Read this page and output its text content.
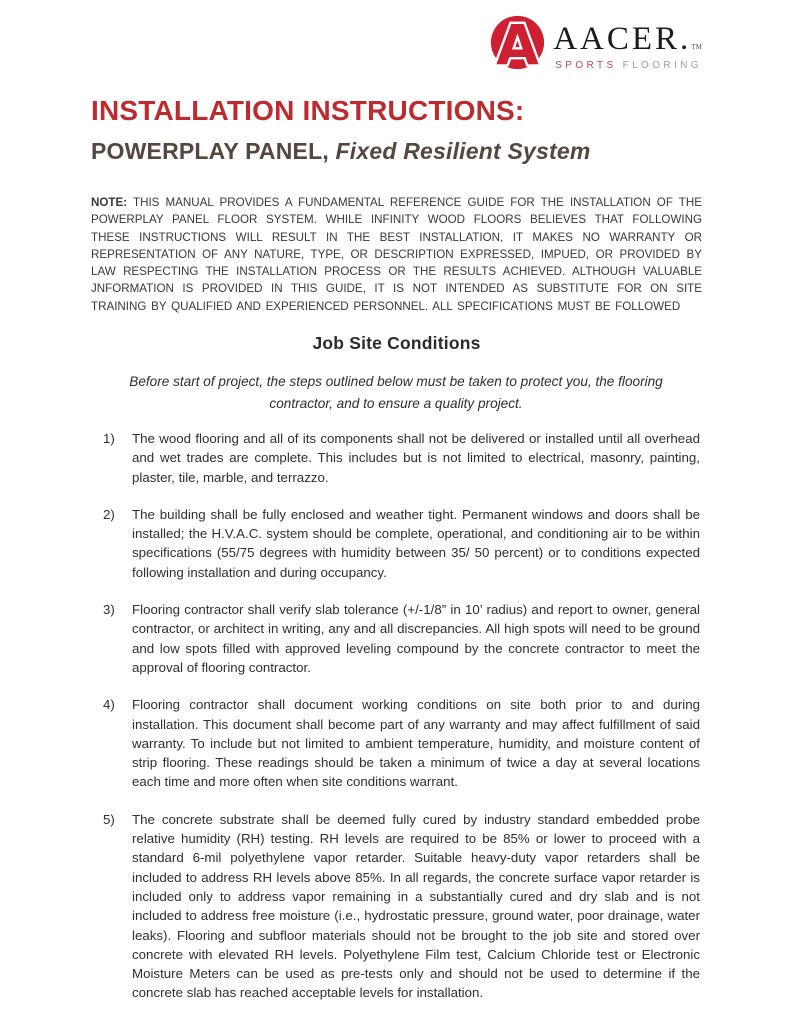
A AACER.TM
SPORTS FLOORING
INSTALLATION INSTRUCTIONS:
POWERPLAY PANEL, Fixed Resilient System

NOTE: THIS MANUAL PROVIDES A FUNDAMENTAL REFERENCE GUIDE FOR THE INSTALLATION OF THE POWERPLAY PANEL FLOOR SYSTEM. WHILE INFINITY WOOD FLOORS BELIEVES THAT FOLLOWING THESE INSTRUCTIONS WILL RESULT IN THE BEST INSTALLATION, IT MAKES NO WARRANTY OR REPRESENTATION OF ANY NATURE, TYPE, OR DESCRIPTION EXPRESSED, IMPUED, OR PROVIDED BY LAW RESPECTING THE INSTALLATION PROCESS OR THE RESULTS ACHIEVED. ALTHOUGH VALUABLE JNFORMATION IS PROVIDED IN THIS GUIDE, IT IS NOT INTENDED AS SUBSTITUTE FOR ON SITE TRAINING BY QUALIFIED AND EXPERIENCED PERSONNEL. ALL SPECIFICATIONS MUST BE FOLLOWED

Job Site Conditions

Before start of project, the steps outlined below must be taken to protect you, the flooring contractor, and to ensure a quality project.

1)	The wood flooring and all of its components shall not be delivered or installed until all overhead and wet trades are complete. This includes but is not limited to electrical, masonry, painting, plaster, tile, marble, and terrazzo.
2)	The building shall be fully enclosed and weather tight. Permanent windows and doors shall be installed; the H.V.A.C. system should be complete, operational, and conditioning air to be within specifications (55/75 degrees with humidity between 35/ 50 percent) or to conditions expected following installation and during occupancy.
3)	Flooring contractor shall verify slab tolerance (+/-1/8” in 10’ radius) and report to owner, general contractor, or architect in writing, any and all discrepancies. All high spots will need to be ground and low spots filled with approved leveling compound by the concrete contractor to meet the approval of flooring contractor.
4)	Flooring contractor shall document working conditions on site both prior to and during installation. This document shall become part of any warranty and may affect fulfillment of said warranty. To include but not limited to ambient temperature, humidity, and moisture content of strip flooring. These readings should be taken a minimum of twice a day at several locations each time and more often when site conditions warrant.
5)	The concrete substrate shall be deemed fully cured by industry standard embedded probe relative humidity (RH) testing. RH levels are required to be 85% or lower to proceed with a standard 6-mil polyethylene vapor retarder. Suitable heavy-duty vapor retarders shall be included to address RH levels above 85%. In all regards, the concrete surface vapor retarder is included only to address vapor remaining in a substantially cured and dry slab and is not included to address free moisture (i.e., hydrostatic pressure, ground water, poor drainage, water leaks). Flooring and subfloor materials should not be brought to the job site and stored over concrete with elevated RH levels. Polyethylene Film test, Calcium Chloride test or Electronic Moisture Meters can be used as pre-tests only and should not be used to determine if the concrete slab has reached acceptable levels for installation.
